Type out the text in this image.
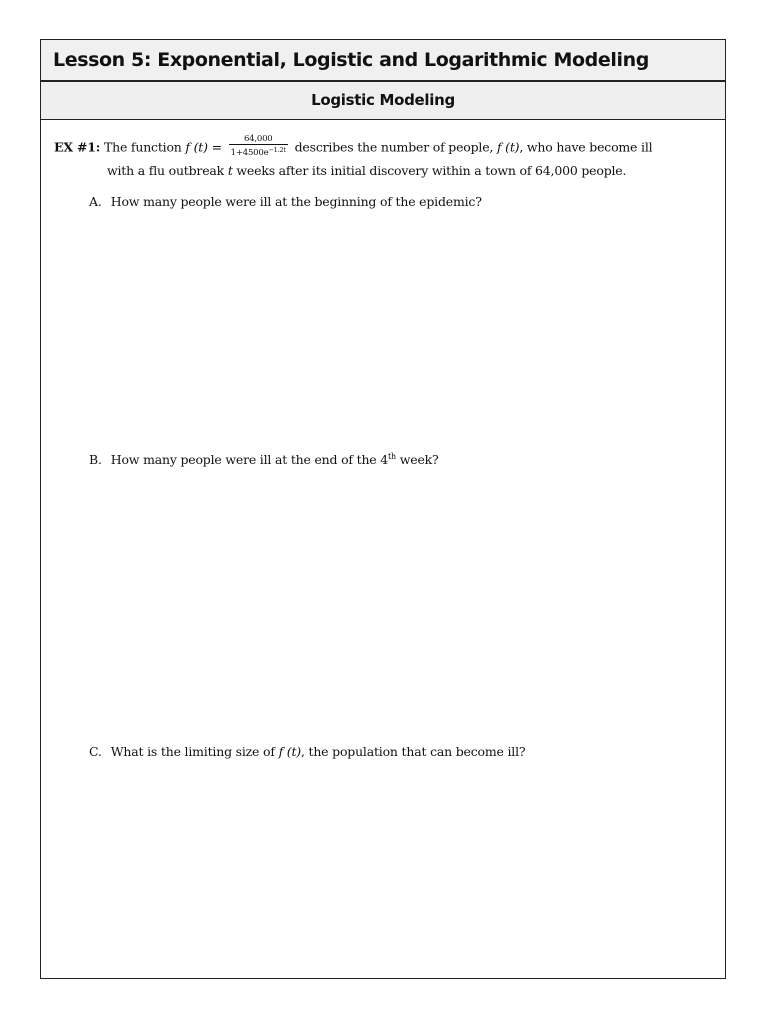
Lesson 5: Exponential, Logistic and Logarithmic Modeling
Logistic Modeling
EX #1: The function f $(t) = \frac{64,000}{1+4500e^{-1.2t}}$ describes the number of people, f (t), who have become ill
with a flu outbreak t weeks after its initial discovery within a town of 64,000 people.
A. How many people were ill at the beginning of the epidemic?
B. How many people were ill at the end of the 4th week?
C. What is the limiting size of f (t), the population that can become ill?
